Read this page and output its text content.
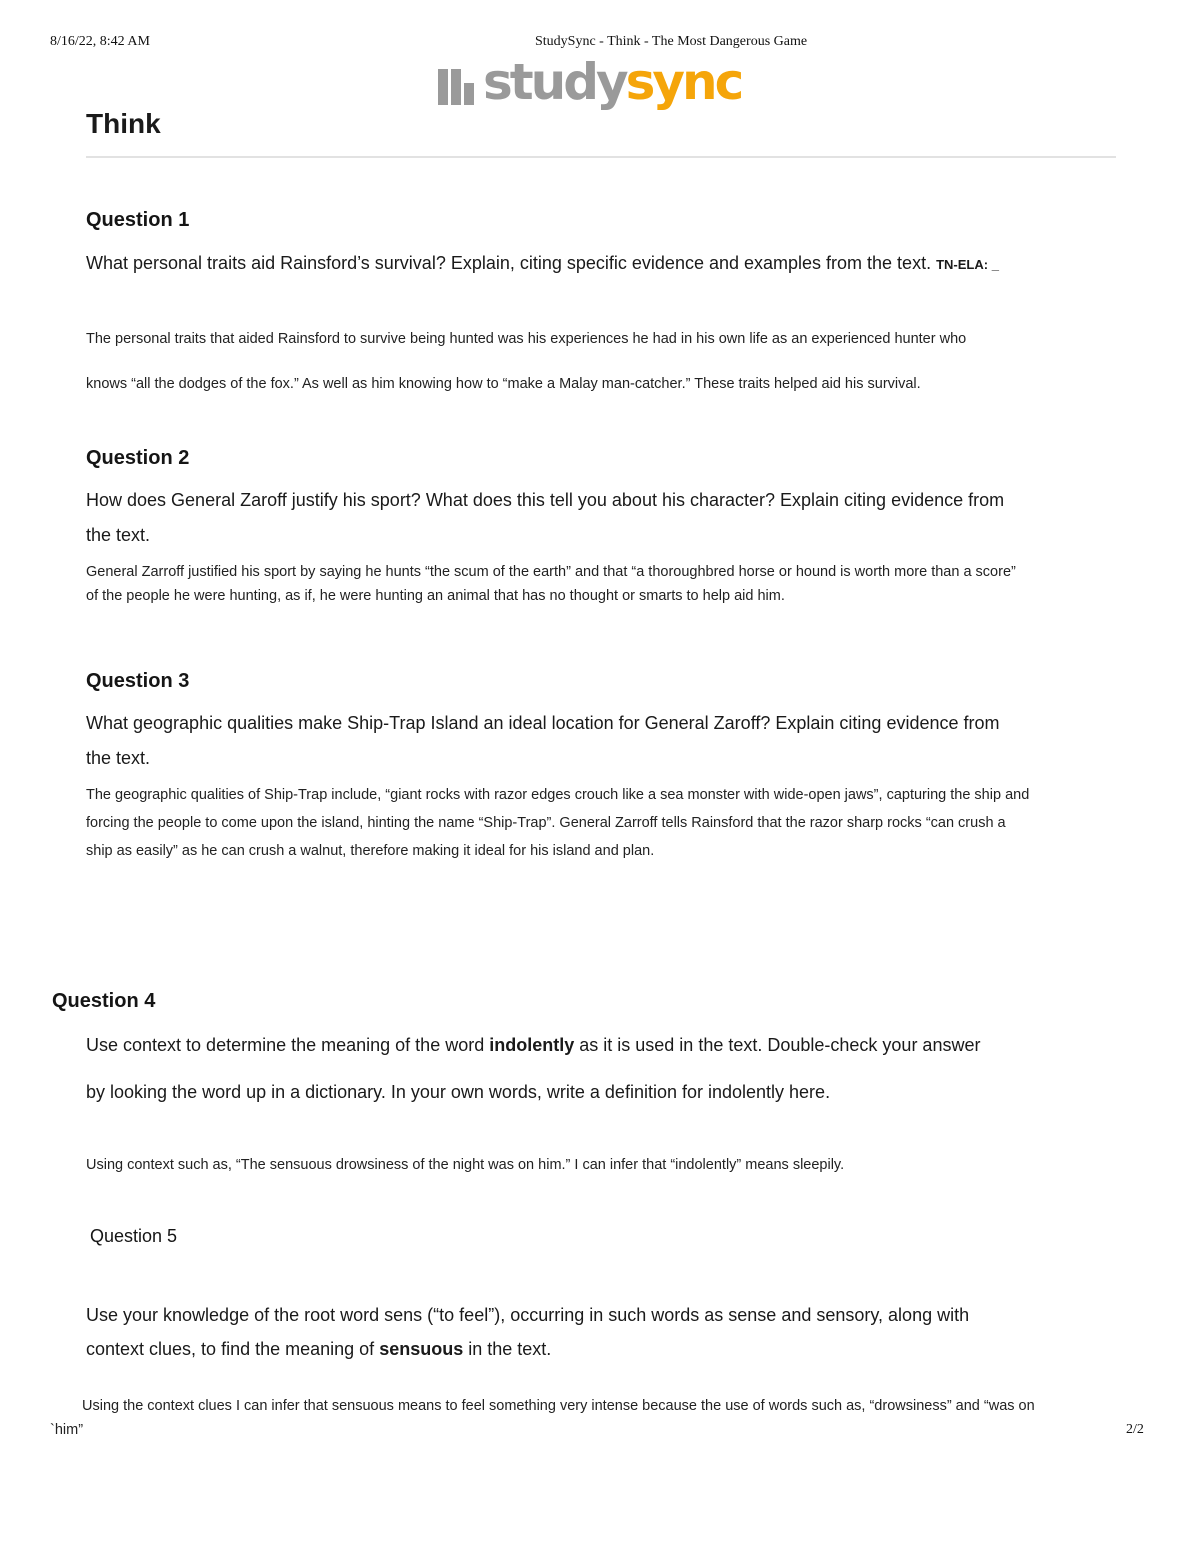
8/16/22, 8:42 AM	StudySync - Think - The Most Dangerous Game
studysync
Think
Question 1
What personal traits aid Rainsford’s survival? Explain, citing specific evidence and examples from the text. TN-ELA: _
The personal traits that aided Rainsford to survive being hunted was his experiences he had in his own life as an experienced hunter who
knows “all the dodges of the fox.” As well as him knowing how to “make a Malay man-catcher.” These traits helped aid his survival.
Question 2
How does General Zaroff justify his sport? What does this tell you about his character? Explain citing evidence from
the text.
General Zarroff justified his sport by saying he hunts “the scum of the earth” and that “a thoroughbred horse or hound is worth more than a score”
of the people he were hunting, as if, he were hunting an animal that has no thought or smarts to help aid him.
Question 3
What geographic qualities make Ship-Trap Island an ideal location for General Zaroff? Explain citing evidence from
the text.
The geographic qualities of Ship-Trap include, “giant rocks with razor edges crouch like a sea monster with wide-open jaws”, capturing the ship and
forcing the people to come upon the island, hinting the name “Ship-Trap”. General Zarroff tells Rainsford that the razor sharp rocks “can crush a
ship as easily” as he can crush a walnut, therefore making it ideal for his island and plan.
Question 4
Use context to determine the meaning of the word indolently as it is used in the text. Double-check your answer
by looking the word up in a dictionary. In your own words, write a definition for indolently here.
Using context such as, “The sensuous drowsiness of the night was on him.” I can infer that “indolently” means sleepily.
Question 5
Use your knowledge of the root word sens (“to feel”), occurring in such words as sense and sensory, along with
context clues, to find the meaning of sensuous in the text.
Using the context clues I can infer that sensuous means to feel something very intense because the use of words such as, “drowsiness” and “was on
`him”	2/2
